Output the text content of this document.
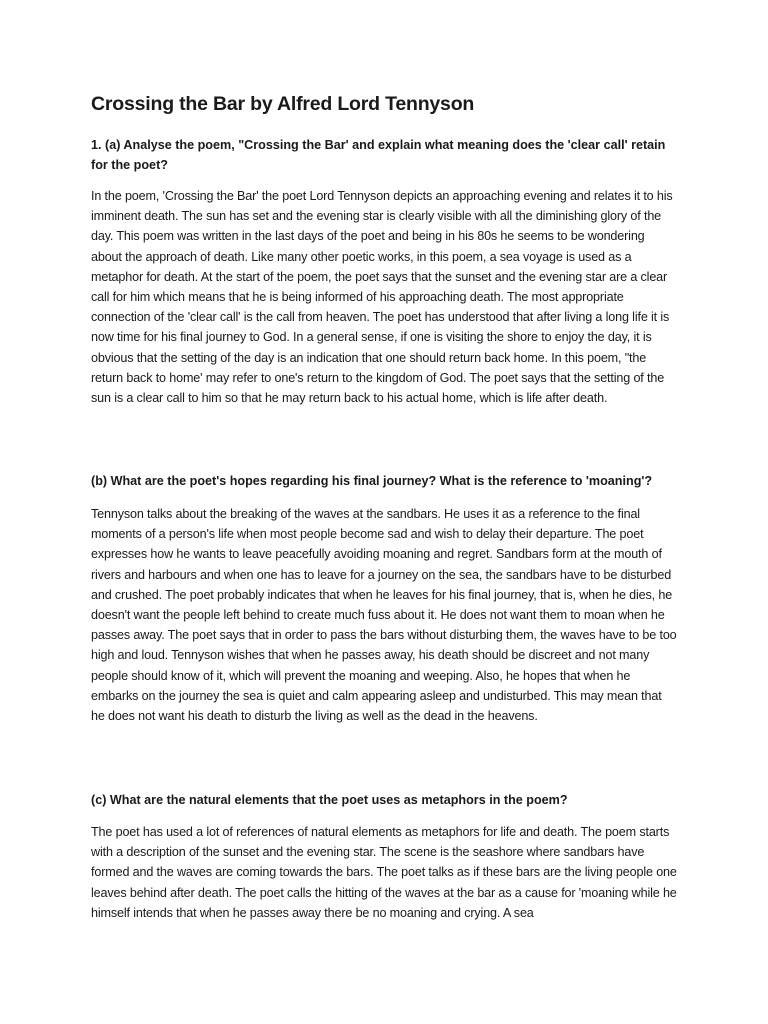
Crossing the Bar by Alfred Lord Tennyson

1. (a) Analyse the poem, "Crossing the Bar' and explain what meaning does the 'clear call' retain for the poet?

In the poem, 'Crossing the Bar' the poet Lord Tennyson depicts an approaching evening and relates it to his imminent death. The sun has set and the evening star is clearly visible with all the diminishing glory of the day. This poem was written in the last days of the poet and being in his 80s he seems to be wondering about the approach of death. Like many other poetic works, in this poem, a sea voyage is used as a metaphor for death. At the start of the poem, the poet says that the sunset and the evening star are a clear call for him which means that he is being informed of his approaching death. The most appropriate connection of the 'clear call' is the call from heaven. The poet has understood that after living a long life it is now time for his final journey to God. In a general sense, if one is visiting the shore to enjoy the day, it is obvious that the setting of the day is an indication that one should return back home. In this poem, "the return back to home' may refer to one's return to the kingdom of God. The poet says that the setting of the sun is a clear call to him so that he may return back to his actual home, which is life after death.

(b) What are the poet's hopes regarding his final journey? What is the reference to 'moaning'?

Tennyson talks about the breaking of the waves at the sandbars. He uses it as a reference to the final moments of a person's life when most people become sad and wish to delay their departure. The poet expresses how he wants to leave peacefully avoiding moaning and regret. Sandbars form at the mouth of rivers and harbours and when one has to leave for a journey on the sea, the sandbars have to be disturbed and crushed. The poet probably indicates that when he leaves for his final journey, that is, when he dies, he doesn't want the people left behind to create much fuss about it. He does not want them to moan when he passes away. The poet says that in order to pass the bars without disturbing them, the waves have to be too high and loud. Tennyson wishes that when he passes away, his death should be discreet and not many people should know of it, which will prevent the moaning and weeping. Also, he hopes that when he embarks on the journey the sea is quiet and calm appearing asleep and undisturbed. This may mean that he does not want his death to disturb the living as well as the dead in the heavens.

(c) What are the natural elements that the poet uses as metaphors in the poem?

The poet has used a lot of references of natural elements as metaphors for life and death. The poem starts with a description of the sunset and the evening star. The scene is the seashore where sandbars have formed and the waves are coming towards the bars. The poet talks as if these bars are the living people one leaves behind after death. The poet calls the hitting of the waves at the bar as a cause for 'moaning while he himself intends that when he passes away there be no moaning and crying. A sea
